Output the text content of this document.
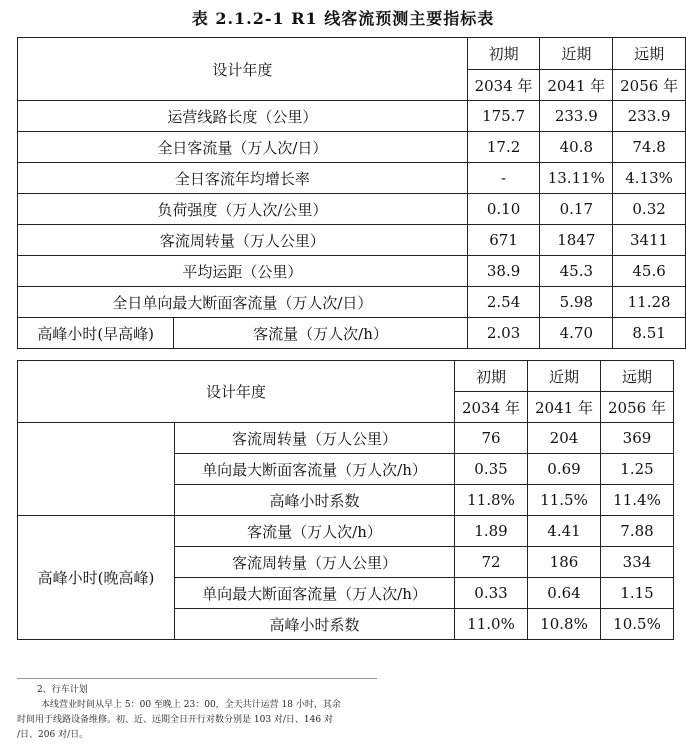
表 2.1.2-1 R1 线客流预测主要指标表
设计年度		初期	近期	远期
		2034 年	2041 年	2056 年
运营线路长度（公里）		175.7	233.9	233.9
全日客流量（万人次/日）		17.2	40.8	74.8
全日客流年均增长率		-	13.11%	4.13%
负荷强度（万人次/公里）		0.10	0.17	0.32
客流周转量（万人公里）		671	1847	3411
平均运距（公里）		38.9	45.3	45.6
全日单向最大断面客流量（万人次/日）		2.54	5.98	11.28
高峰小时(早高峰)	客流量（万人次/h）	2.03	4.70	8.51
设计年度		初期	近期	远期
		2034 年	2041 年	2056 年
	客流周转量（万人公里）	76	204	369
	单向最大断面客流量（万人次/h）	0.35	0.69	1.25
	高峰小时系数	11.8%	11.5%	11.4%
高峰小时(晚高峰)	客流量（万人次/h）	1.89	4.41	7.88
	客流周转量（万人公里）	72	186	334
	单向最大断面客流量（万人次/h）	0.33	0.64	1.15
	高峰小时系数	11.0%	10.8%	10.5%
2、行车计划
本线营业时间从早上 5：00 至晚上 23：00，全天共计运营 18 小时，其余
时间用于线路设备维修。初、近、远期全日开行对数分别是 103 对/日、146 对
/日、206 对/日。
